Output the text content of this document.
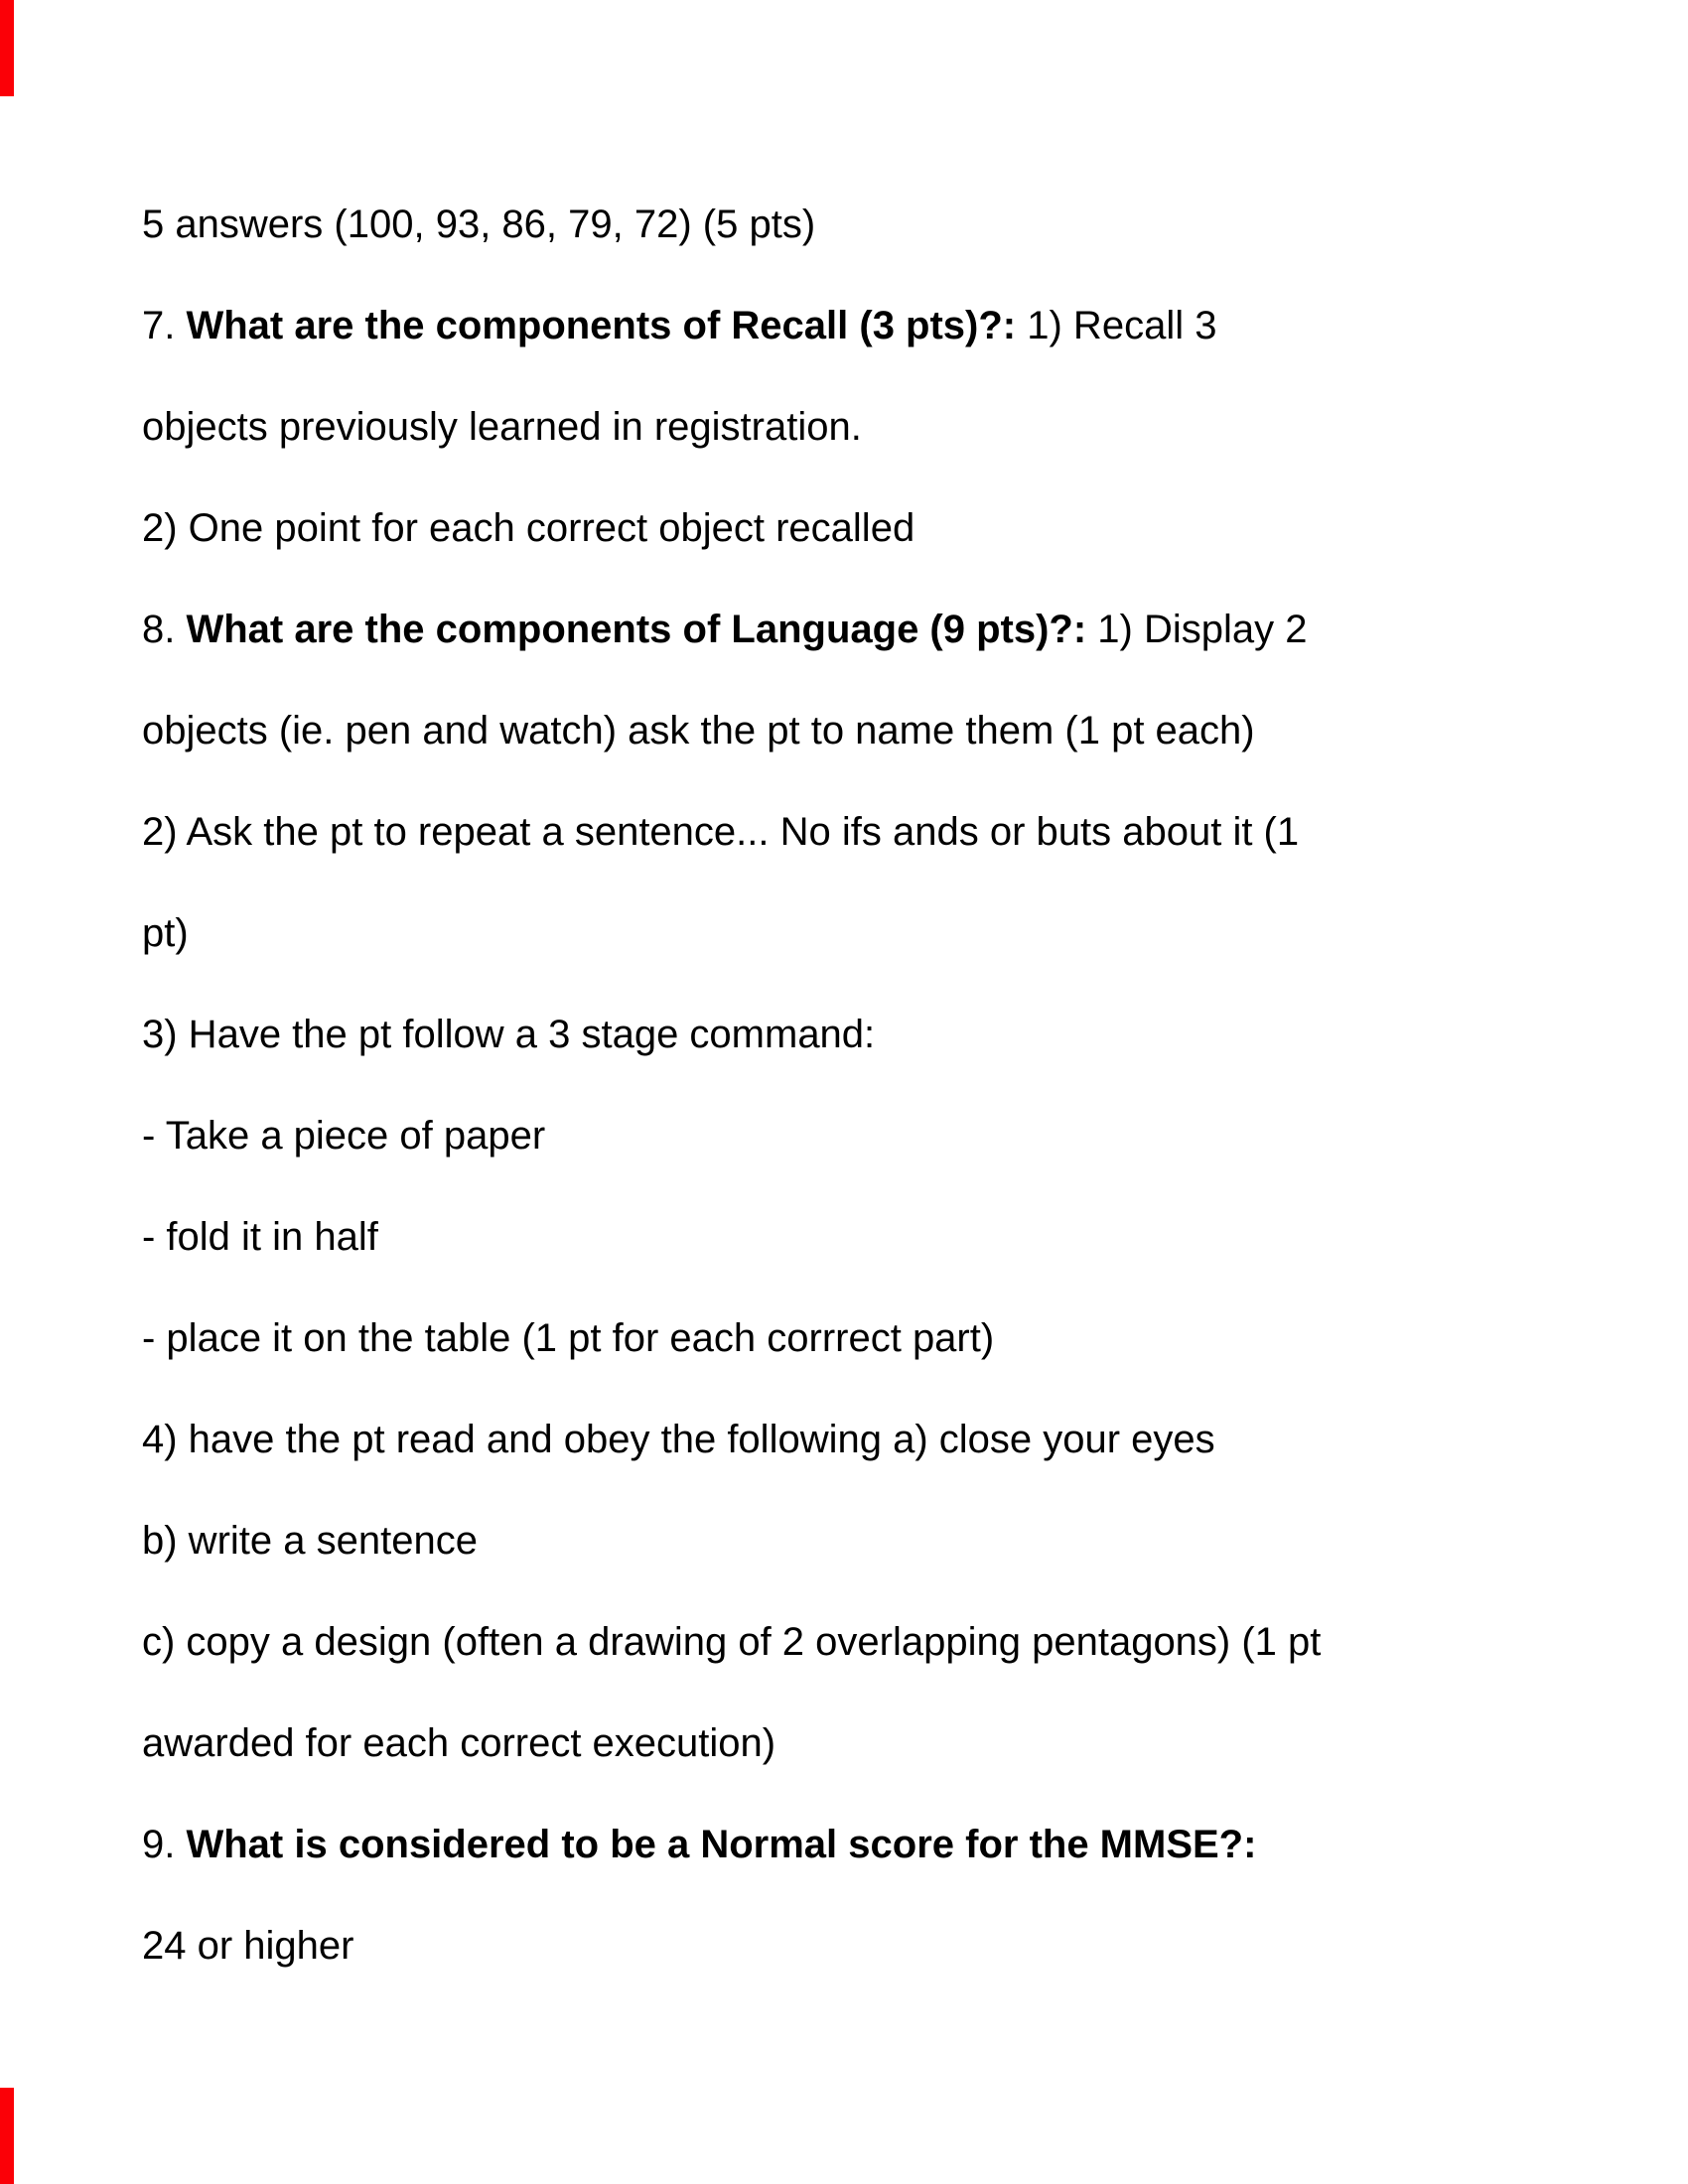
5 answers (100, 93, 86, 79, 72) (5 pts)
7. What are the components of Recall (3 pts)?: 1) Recall 3
objects previously learned in registration.
2) One point for each correct object recalled
8. What are the components of Language (9 pts)?: 1) Display 2
objects (ie. pen and watch) ask the pt to name them (1 pt each)
2) Ask the pt to repeat a sentence... No ifs ands or buts about it (1
pt)
3) Have the pt follow a 3 stage command:
- Take a piece of paper
- fold it in half
- place it on the table (1 pt for each corrrect part)
4) have the pt read and obey the following a) close your eyes
b) write a sentence
c) copy a design (often a drawing of 2 overlapping pentagons) (1 pt
awarded for each correct execution)
9. What is considered to be a Normal score for the MMSE?:
24 or higher
